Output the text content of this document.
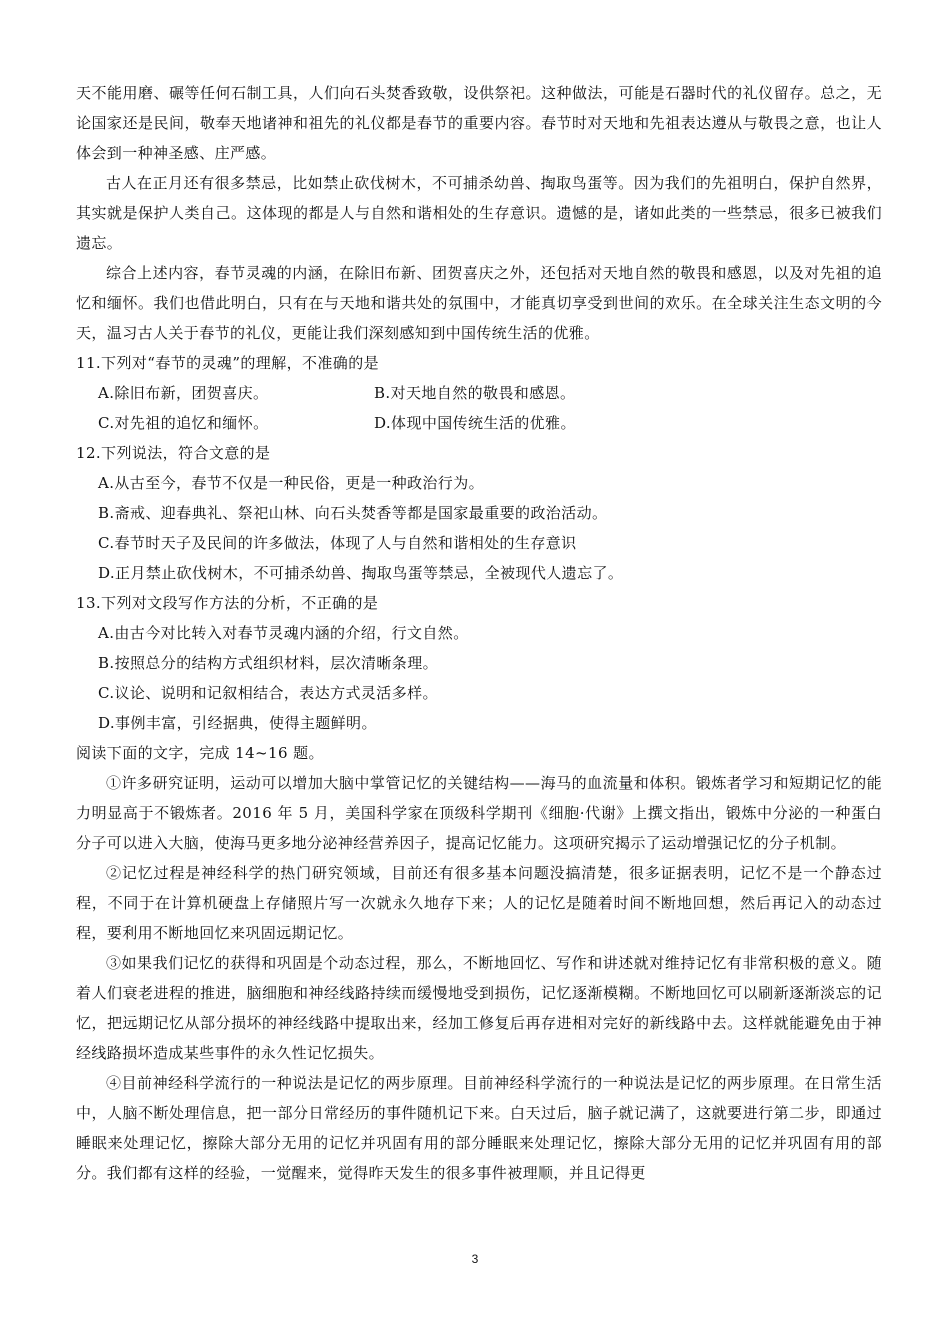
天不能用磨、碾等任何石制工具，人们向石头焚香致敬，设供祭祀。这种做法，可能是石器时代的礼仪留存。总之，无论国家还是民间，敬奉天地诸神和祖先的礼仪都是春节的重要内容。春节时对天地和先祖表达遵从与敬畏之意，也让人体会到一种神圣感、庄严感。

古人在正月还有很多禁忌，比如禁止砍伐树木，不可捕杀幼兽、掏取鸟蛋等。因为我们的先祖明白，保护自然界，其实就是保护人类自己。这体现的都是人与自然和谐相处的生存意识。遗憾的是，诸如此类的一些禁忌，很多已被我们遗忘。

综合上述内容，春节灵魂的内涵，在除旧布新、团贺喜庆之外，还包括对天地自然的敬畏和感恩，以及对先祖的追忆和缅怀。我们也借此明白，只有在与天地和谐共处的氛围中，才能真切享受到世间的欢乐。在全球关注生态文明的今天，温习古人关于春节的礼仪，更能让我们深刻感知到中国传统生活的优雅。

11.下列对“春节的灵魂”的理解，不准确的是

A.除旧布新，团贺喜庆。	B.对天地自然的敬畏和感恩。
C.对先祖的追忆和缅怀。	D.体现中国传统生活的优雅。

12.下列说法，符合文意的是

A.从古至今，春节不仅是一种民俗，更是一种政治行为。

B.斋戒、迎春典礼、祭祀山林、向石头焚香等都是国家最重要的政治活动。

C.春节时天子及民间的许多做法，体现了人与自然和谐相处的生存意识

D.正月禁止砍伐树木，不可捕杀幼兽、掏取鸟蛋等禁忌，全被现代人遗忘了。

13.下列对文段写作方法的分析，不正确的是

A.由古今对比转入对春节灵魂内涵的介绍，行文自然。

B.按照总分的结构方式组织材料，层次清晰条理。

C.议论、说明和记叙相结合，表达方式灵活多样。

D.事例丰富，引经据典，使得主题鲜明。

阅读下面的文字，完成 14~16 题。

①许多研究证明，运动可以增加大脑中掌管记忆的关键结构——海马的血流量和体积。锻炼者学习和短期记忆的能力明显高于不锻炼者。2016 年 5 月，美国科学家在顶级科学期刊《细胞·代谢》上撰文指出，锻炼中分泌的一种蛋白分子可以进入大脑，使海马更多地分泌神经营养因子，提高记忆能力。这项研究揭示了运动增强记忆的分子机制。

②记忆过程是神经科学的热门研究领域，目前还有很多基本问题没搞清楚，很多证据表明，记忆不是一个静态过程，不同于在计算机硬盘上存储照片写一次就永久地存下来；人的记忆是随着时间不断地回想，然后再记入的动态过程，要利用不断地回忆来巩固远期记忆。

③如果我们记忆的获得和巩固是个动态过程，那么，不断地回忆、写作和讲述就对维持记忆有非常积极的意义。随着人们衰老进程的推进，脑细胞和神经线路持续而缓慢地受到损伤，记忆逐渐模糊。不断地回忆可以刷新逐渐淡忘的记忆，把远期记忆从部分损坏的神经线路中提取出来，经加工修复后再存进相对完好的新线路中去。这样就能避免由于神经线路损坏造成某些事件的永久性记忆损失。

④目前神经科学流行的一种说法是记忆的两步原理。目前神经科学流行的一种说法是记忆的两步原理。在日常生活中，人脑不断处理信息，把一部分日常经历的事件随机记下来。白天过后，脑子就记满了，这就要进行第二步，即通过睡眠来处理记忆，擦除大部分无用的记忆并巩固有用的部分睡眠来处理记忆，擦除大部分无用的记忆并巩固有用的部分。我们都有这样的经验，一觉醒来，觉得昨天发生的很多事件被理顺，并且记得更

3
